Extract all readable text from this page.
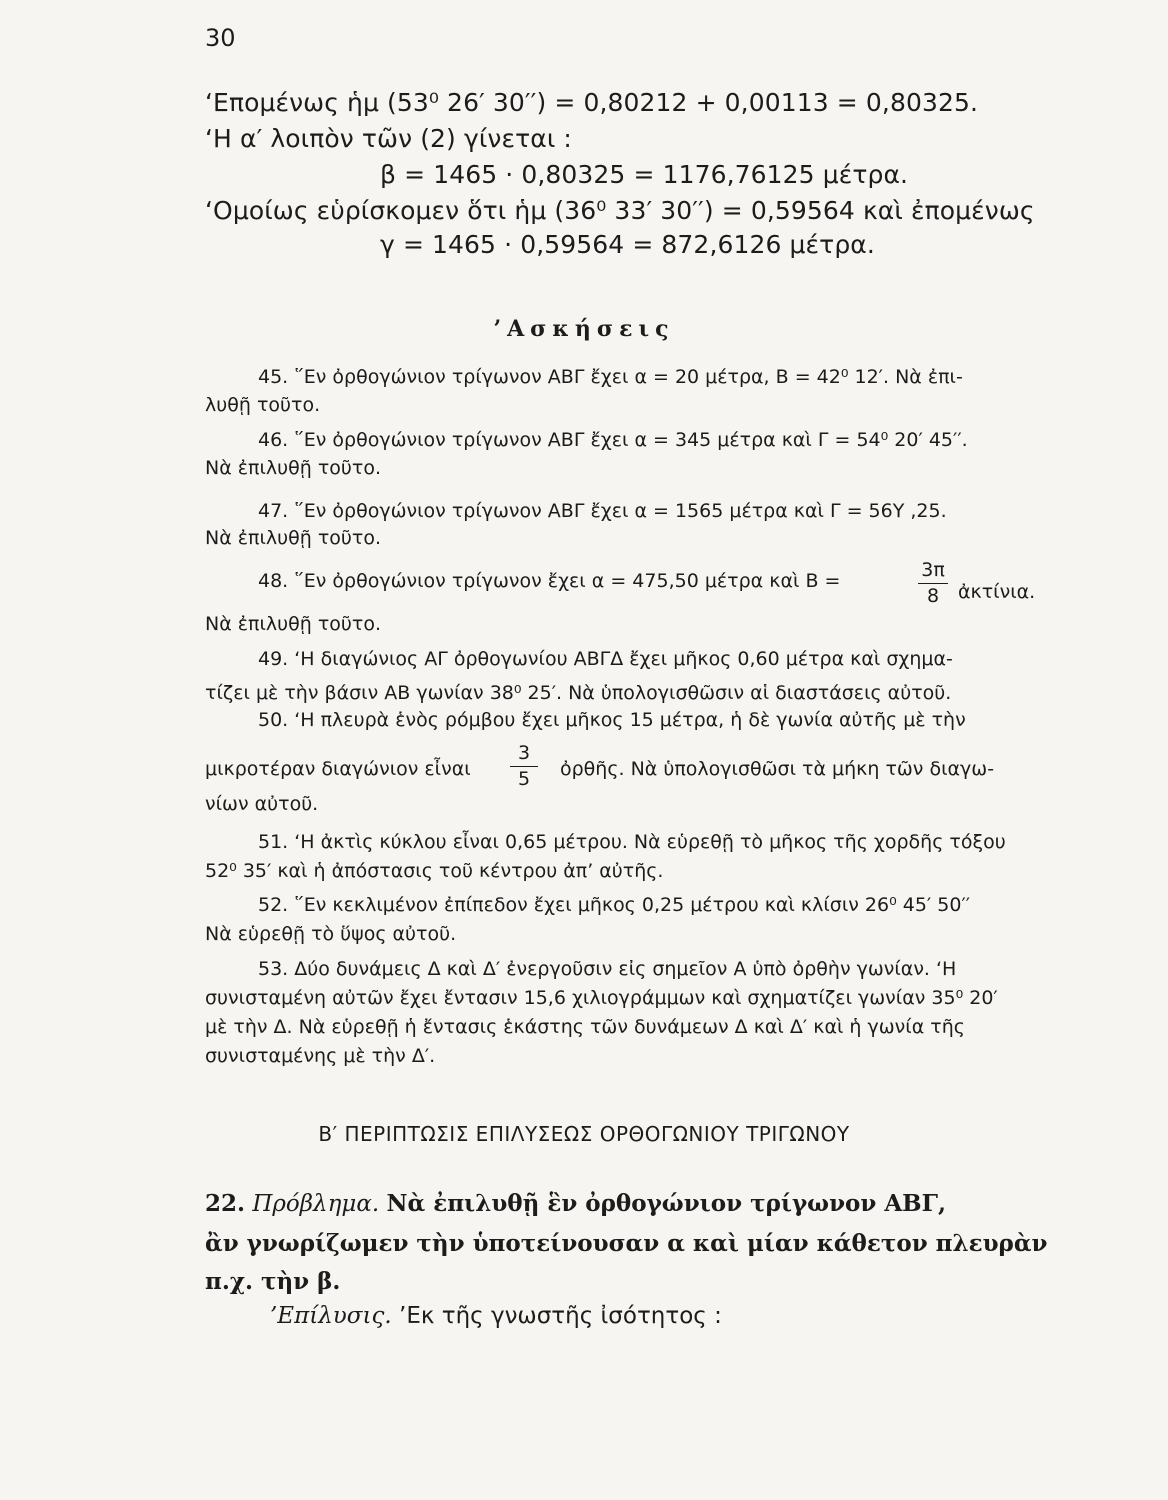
30
‘Επομένως ἡμ (53⁰ 26′ 30′′) = 0,80212 + 0,00113 = 0,80325.
‘Η α′ λοιπὸν τῶν (2) γίνεται :
β = 1465 · 0,80325 = 1176,76125 μέτρα.
‘Ομοίως εὑρίσκομεν ὅτι ἡμ (36⁰ 33′ 30′′) = 0,59564 καὶ ἐπομένως
γ = 1465 · 0,59564 = 872,6126 μέτρα.
’Ασκήσεις
45. ῞Εν ὀρθογώνιον τρίγωνον ΑΒΓ ἔχει α = 20 μέτρα, Β = 42⁰ 12′. Νὰ ἐπι-
λυθῇ τοῦτο.
46. ῞Εν ὀρθογώνιον τρίγωνον ΑΒΓ ἔχει α = 345 μέτρα καὶ Γ = 54⁰ 20′ 45′′.
Νὰ ἐπιλυθῇ τοῦτο.
47. ῞Εν ὀρθογώνιον τρίγωνον ΑΒΓ ἔχει α = 1565 μέτρα καὶ Γ = 56Υ ,25.
Νὰ ἐπιλυθῇ τοῦτο.
48. ῞Εν ὀρθογώνιον τρίγωνον ἔχει α = 475,50 μέτρα καὶ Β =	3π
8 ἀκτίνια.
Νὰ ἐπιλυθῇ τοῦτο.
49. ‘Η διαγώνιος ΑΓ ὀρθογωνίου ΑΒΓΔ ἔχει μῆκος 0,60 μέτρα καὶ σχημα-
τίζει μὲ τὴν βάσιν ΑΒ γωνίαν 38⁰ 25′. Νὰ ὑπολογισθῶσιν αἱ διαστάσεις αὐτοῦ.
50. ‘Η πλευρὰ ἑνὸς ρόμβου ἔχει μῆκος 15 μέτρα, ἡ δὲ γωνία αὐτῆς μὲ τὴν
μικροτέραν διαγώνιον εἶναι
3
5	ὀρθῆς. Νὰ ὑπολογισθῶσι τὰ μήκη τῶν διαγω-
νίων αὐτοῦ.
51. ‘Η ἀκτὶς κύκλου εἶναι 0,65 μέτρου. Νὰ εὑρεθῇ τὸ μῆκος τῆς χορδῆς τόξου
52⁰ 35′ καὶ ἡ ἀπόστασις τοῦ κέντρου ἀπ’ αὐτῆς.
52. ῞Εν κεκλιμένον ἐπίπεδον ἔχει μῆκος 0,25 μέτρου καὶ κλίσιν 26⁰ 45′ 50′′
Νὰ εὑρεθῇ τὸ ὕψος αὐτοῦ.
53. Δύο δυνάμεις Δ καὶ Δ′ ἐνεργοῦσιν εἰς σημεῖον Α ὑπὸ ὀρθὴν γωνίαν. ‘Η
συνισταμένη αὐτῶν ἔχει ἔντασιν 15,6 χιλιογράμμων καὶ σχηματίζει γωνίαν 35⁰ 20′
μὲ τὴν Δ. Νὰ εὑρεθῇ ἡ ἔντασις ἑκάστης τῶν δυνάμεων Δ καὶ Δ′ καὶ ἡ γωνία τῆς
συνισταμένης μὲ τὴν Δ′.
Β′ ΠΕΡΙΠΤΩΣΙΣ ΕΠΙΛΥΣΕΩΣ ΟΡΘΟΓΩΝΙΟΥ ΤΡΙΓΩΝΟΥ
22. Πρόβλημα. Νὰ ἐπιλυθῇ ἓν ὀρθογώνιον τρίγωνον ΑΒΓ,
ἂν γνωρίζωμεν τὴν ὑποτείνουσαν α καὶ μίαν κάθετον πλευρὰν
π.χ. τὴν β.
’Επίλυσις. ’Εκ τῆς γνωστῆς ἰσότητος :
